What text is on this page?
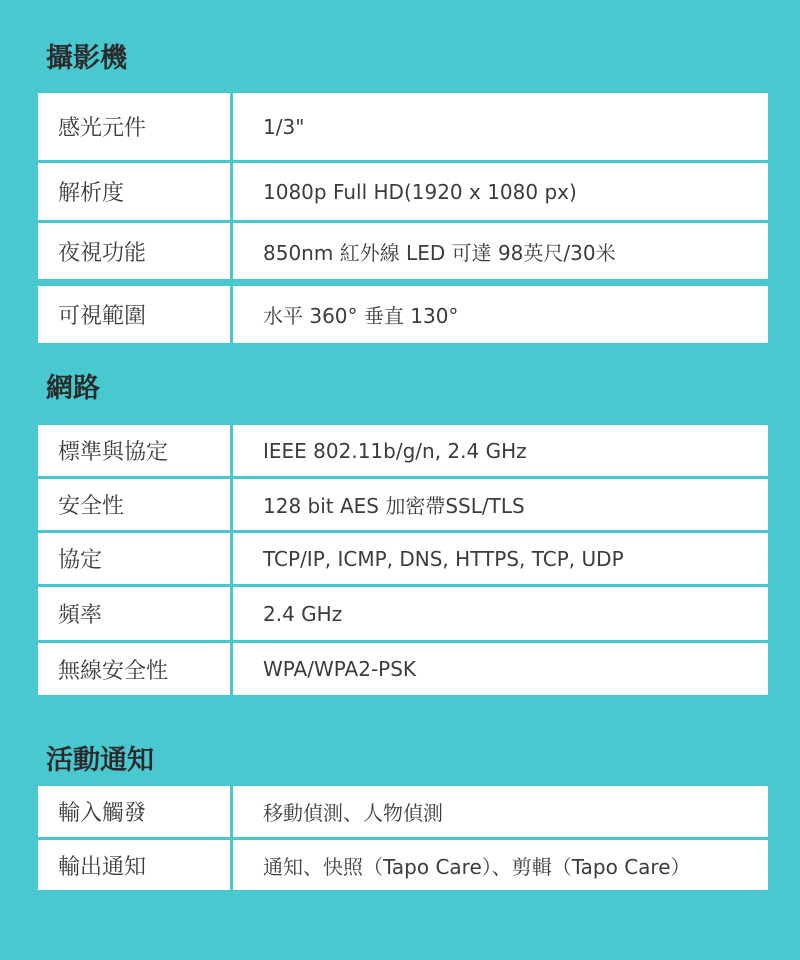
攝影機
感光元件	1/3"
解析度	1080p Full HD(1920 x 1080 px)
夜視功能	850nm 紅外線 LED 可達 98英尺/30米
可視範圍	水平 360° 垂直 130°
網路
標準與協定	IEEE 802.11b/g/n, 2.4 GHz
安全性	128 bit AES 加密帶SSL/TLS
協定	TCP/IP, ICMP, DNS, HTTPS, TCP, UDP
頻率	2.4 GHz
無線安全性	WPA/WPA2-PSK
活動通知
輸入觸發	移動偵測、人物偵測
輸出通知	通知、快照（Tapo Care）、剪輯（Tapo Care）
